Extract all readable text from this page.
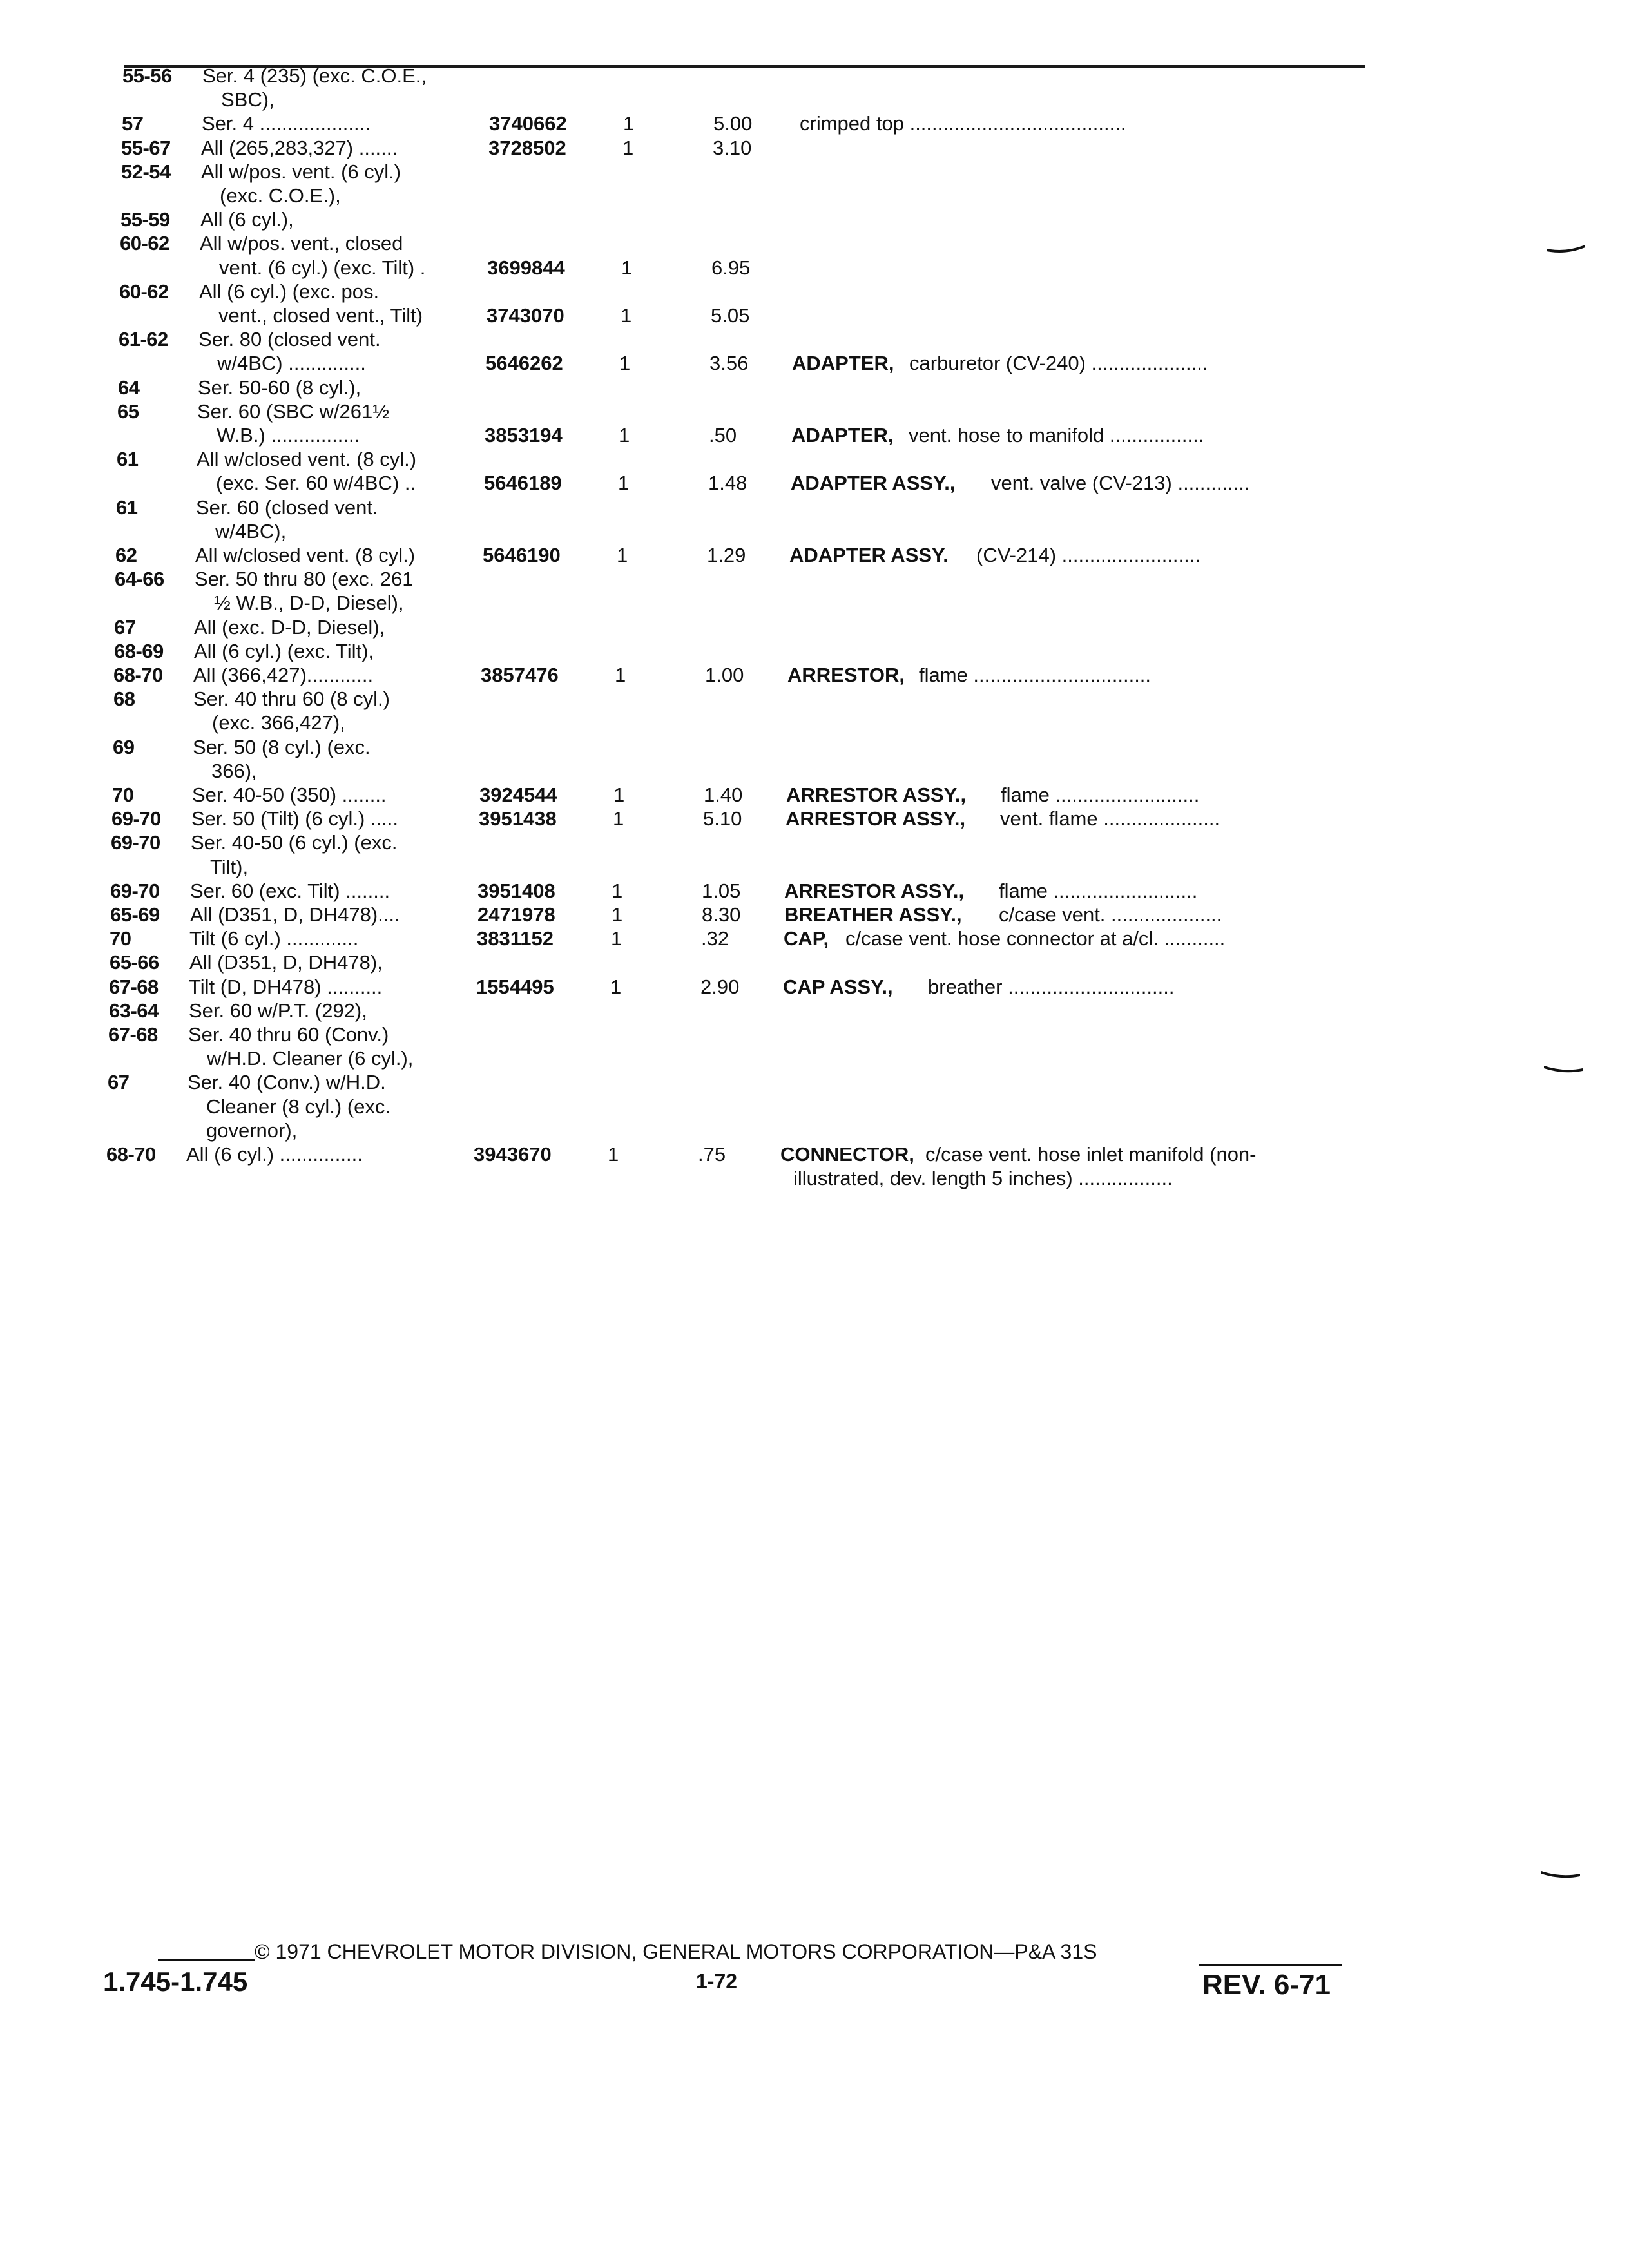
55-56 Ser. 4 (235) (exc. C.O.E.,
SBC),
57	Ser. 4 ....................	3740662	1	5.00	crimped top .......................................
55-67 All (265,283,327) .......	3728502	1	3.10
52-54 All w/pos. vent. (6 cyl.)
(exc. C.O.E.),
55-59 All (6 cyl.),
60-62 All w/pos. vent., closed
vent. (6 cyl.) (exc. Tilt) .	3699844	1	6.95
60-62 All (6 cyl.) (exc. pos.
vent., closed vent., Tilt)	3743070	1	5.05
61-62 Ser. 80 (closed vent.
w/4BC) ..............	5646262	1	3.56	ADAPTER, carburetor (CV-240) .....................
64	Ser. 50-60 (8 cyl.),
65	Ser. 60 (SBC w/261½
W.B.) ................	3853194	1	.50	ADAPTER, vent. hose to manifold .................
61	All w/closed vent. (8 cyl.)
(exc. Ser. 60 w/4BC) ..	5646189	1	1.48	ADAPTER ASSY., vent. valve (CV-213) .............
61	Ser. 60 (closed vent.
w/4BC),
62	All w/closed vent. (8 cyl.)	5646190	1	1.29	ADAPTER ASSY. (CV-214) .........................
64-66 Ser. 50 thru 80 (exc. 261
½ W.B., D-D, Diesel),
67	All (exc. D-D, Diesel),
68-69 All (6 cyl.) (exc. Tilt),
68-70 All (366,427)............	3857476	1	1.00	ARRESTOR, flame ................................
68	Ser. 40 thru 60 (8 cyl.)
(exc. 366,427),
69	Ser. 50 (8 cyl.) (exc.
366),
70	Ser. 40-50 (350) ........	3924544	1	1.40	ARRESTOR ASSY., flame ..........................
69-70 Ser. 50 (Tilt) (6 cyl.) .....	3951438	1	5.10	ARRESTOR ASSY., vent. flame .....................
69-70 Ser. 40-50 (6 cyl.) (exc.
Tilt),
69-70 Ser. 60 (exc. Tilt) ........	3951408	1	1.05	ARRESTOR ASSY., flame ..........................
65-69 All (D351, D, DH478)....	2471978	1	8.30	BREATHER ASSY., c/case vent. ....................
70	Tilt (6 cyl.) .............	3831152	1	.32	CAP, c/case vent. hose connector at a/cl. ...........
65-66 All (D351, D, DH478),
67-68 Tilt (D, DH478) ..........	1554495	1	2.90	CAP ASSY., breather ..............................
63-64 Ser. 60 w/P.T. (292),
67-68 Ser. 40 thru 60 (Conv.)
w/H.D. Cleaner (6 cyl.),
67	Ser. 40 (Conv.) w/H.D.
Cleaner (8 cyl.) (exc.
governor),
68-70 All (6 cyl.) ...............	3943670	1	.75	CONNECTOR, c/case vent. hose inlet manifold (non-
illustrated, dev. length 5 inches) .................
© 1971 CHEVROLET MOTOR DIVISION, GENERAL MOTORS CORPORATION—P&A 31S
1.745-1.745	1-72	REV. 6-71
